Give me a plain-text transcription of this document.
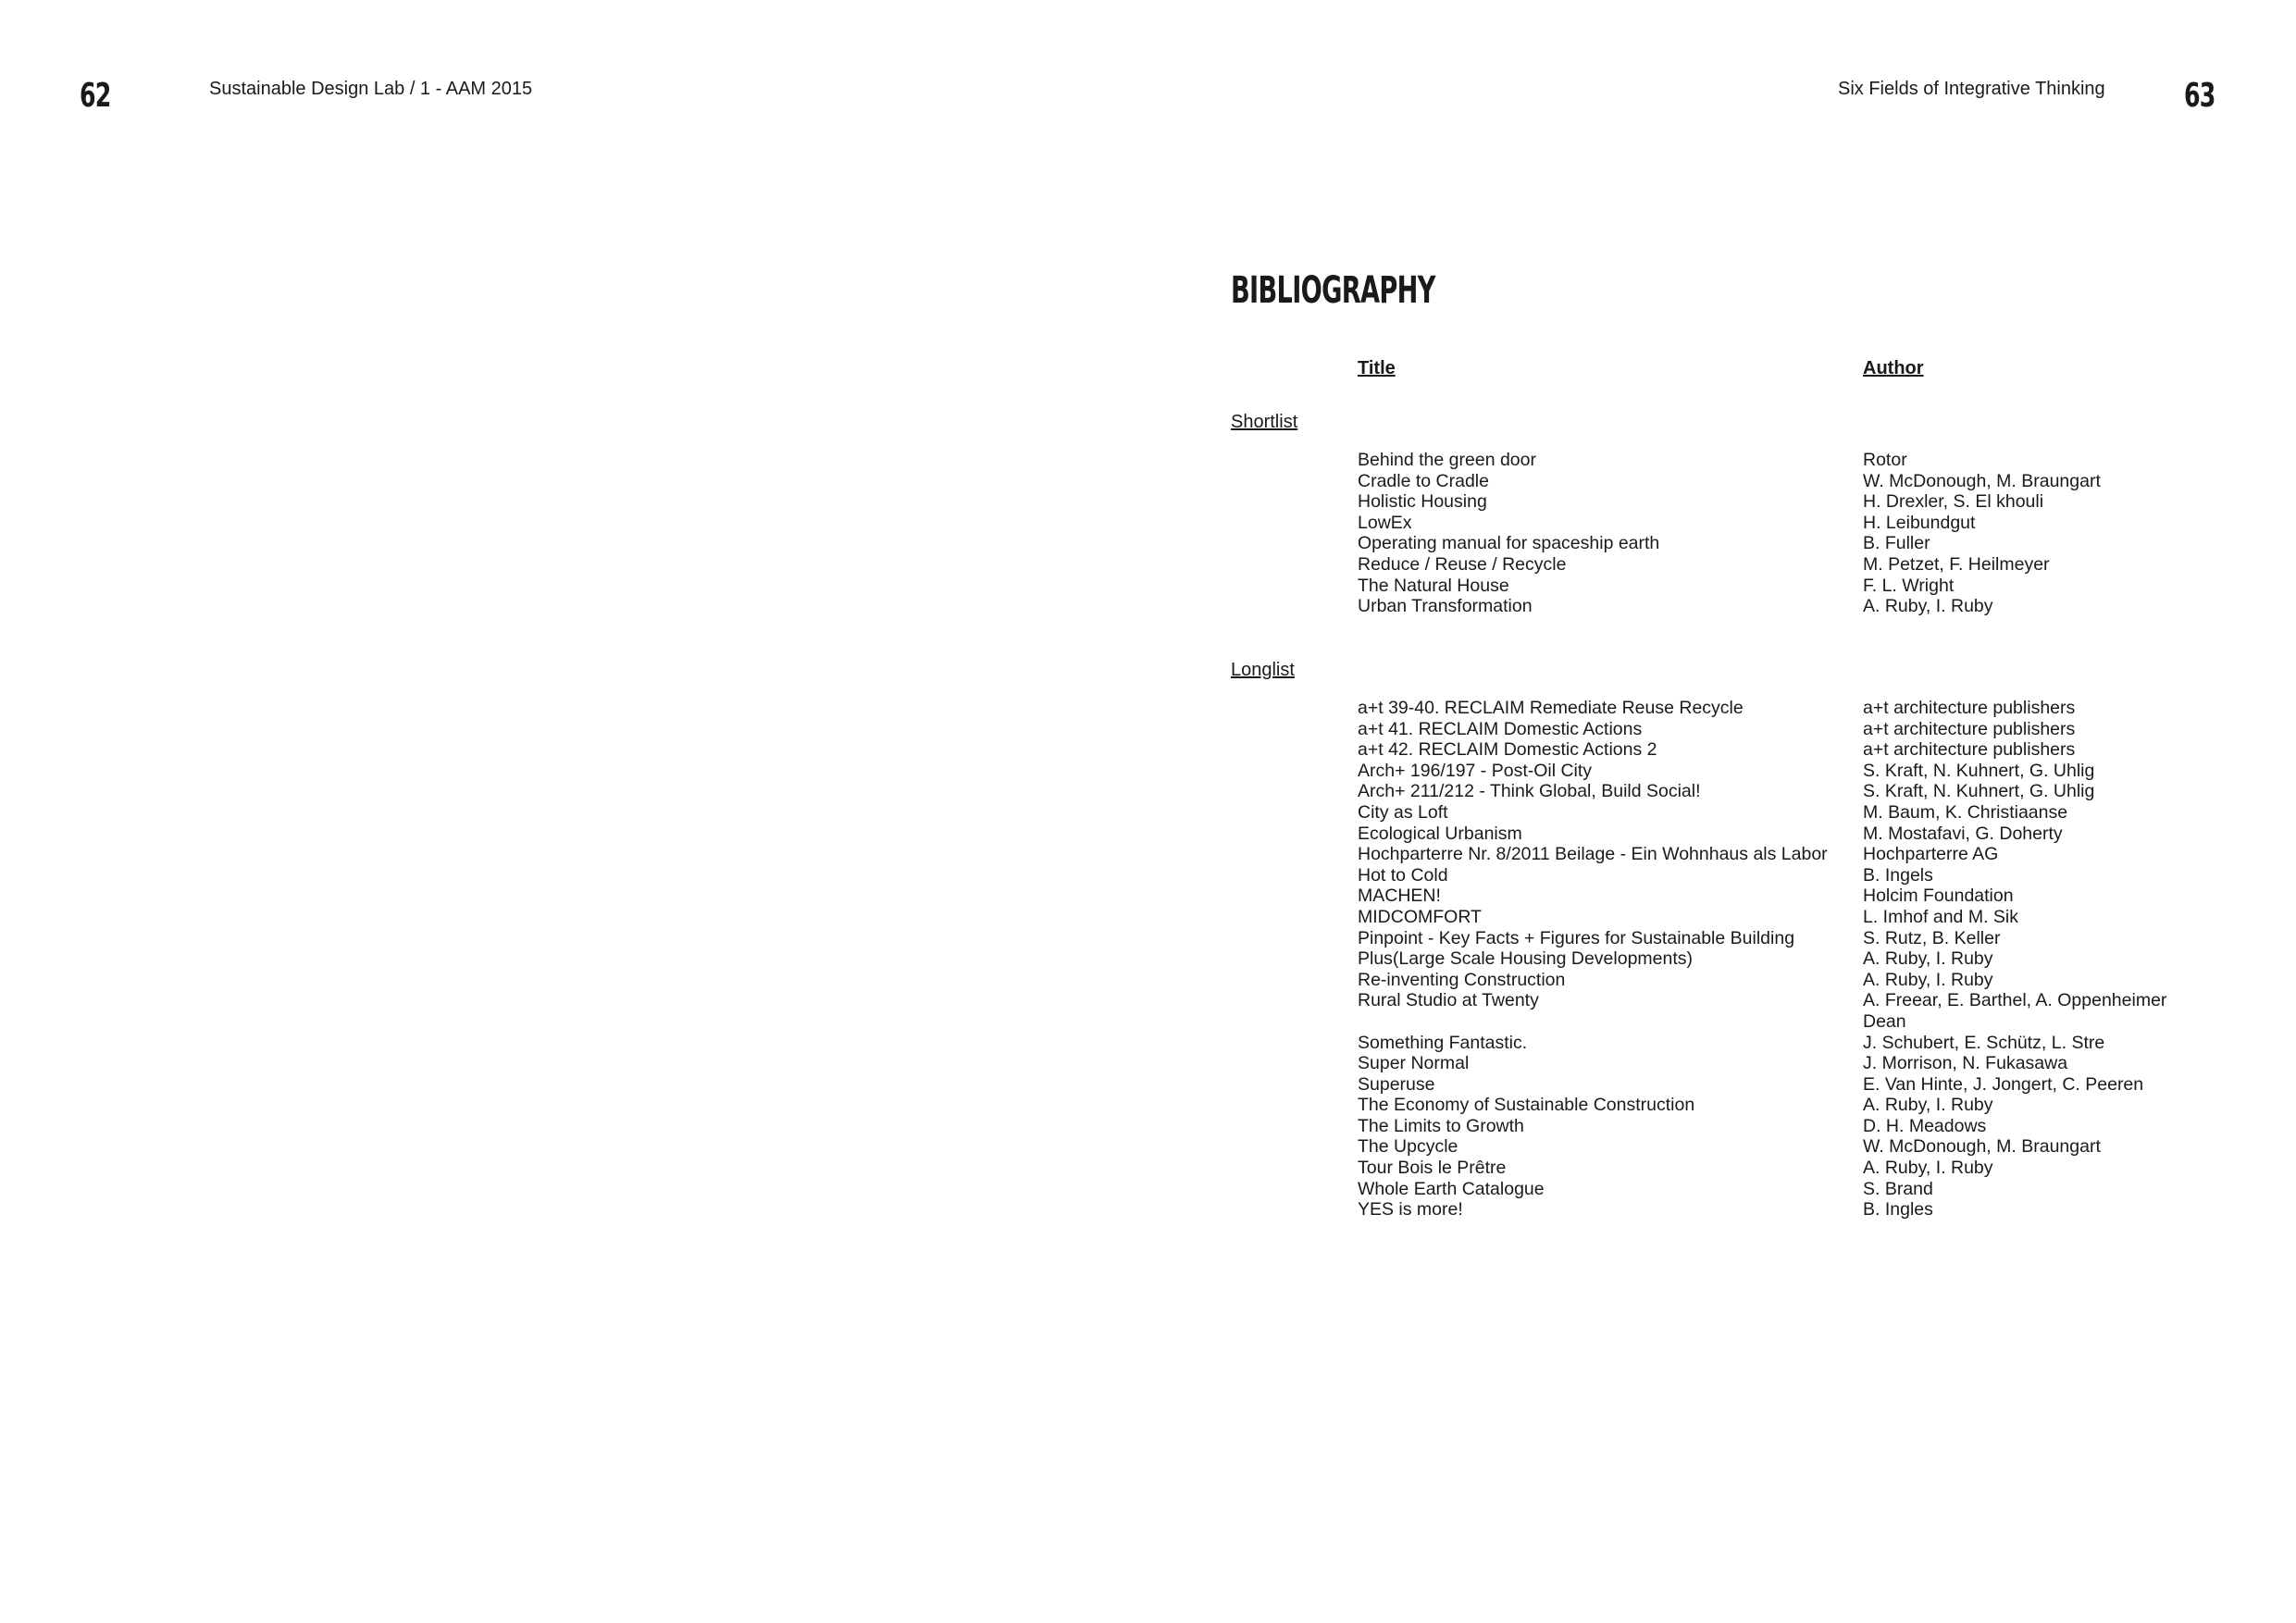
62	Sustainable Design Lab / 1 - AAM 2015	Six Fields of Integrative Thinking 63
BIBLIOGRAPHY
Title	Author
Shortlist
Behind the green door	Rotor
Cradle to Cradle	W. McDonough, M. Braungart
Holistic Housing	H. Drexler, S. El khouli
LowEx	H. Leibundgut
Operating manual for spaceship earth	B. Fuller
Reduce / Reuse / Recycle	M. Petzet, F. Heilmeyer
The Natural House	F. L. Wright
Urban Transformation	A. Ruby, I. Ruby
Longlist
a+t 39-40. RECLAIM Remediate Reuse Recycle	a+t architecture publishers
a+t 41. RECLAIM Domestic Actions	a+t architecture publishers
a+t 42. RECLAIM Domestic Actions 2	a+t architecture publishers
Arch+ 196/197 - Post-Oil City	S. Kraft, N. Kuhnert, G. Uhlig
Arch+ 211/212 - Think Global, Build Social!	S. Kraft, N. Kuhnert, G. Uhlig
City as Loft	M. Baum, K. Christiaanse
Ecological Urbanism	M. Mostafavi, G. Doherty
Hochparterre Nr. 8/2011 Beilage - Ein Wohnhaus als Labor	Hochparterre AG
Hot to Cold	B. Ingels
MACHEN!	Holcim Foundation
MIDCOMFORT	L. Imhof and M. Sik
Pinpoint - Key Facts + Figures for Sustainable Building	S. Rutz, B. Keller
Plus(Large Scale Housing Developments)	A. Ruby, I. Ruby
Re-inventing Construction	A. Ruby, I. Ruby
Rural Studio at Twenty	A. Freear, E. Barthel, A. Oppenheimer Dean
Something Fantastic.	J. Schubert, E. Schütz, L. Stre
Super Normal	J. Morrison, N. Fukasawa
Superuse	E. Van Hinte, J. Jongert, C. Peeren
The Economy of Sustainable Construction	A. Ruby, I. Ruby
The Limits to Growth	D. H. Meadows
The Upcycle	W. McDonough, M. Braungart
Tour Bois le Prêtre	A. Ruby, I. Ruby
Whole Earth Catalogue	S. Brand
YES is more!	B. Ingles
